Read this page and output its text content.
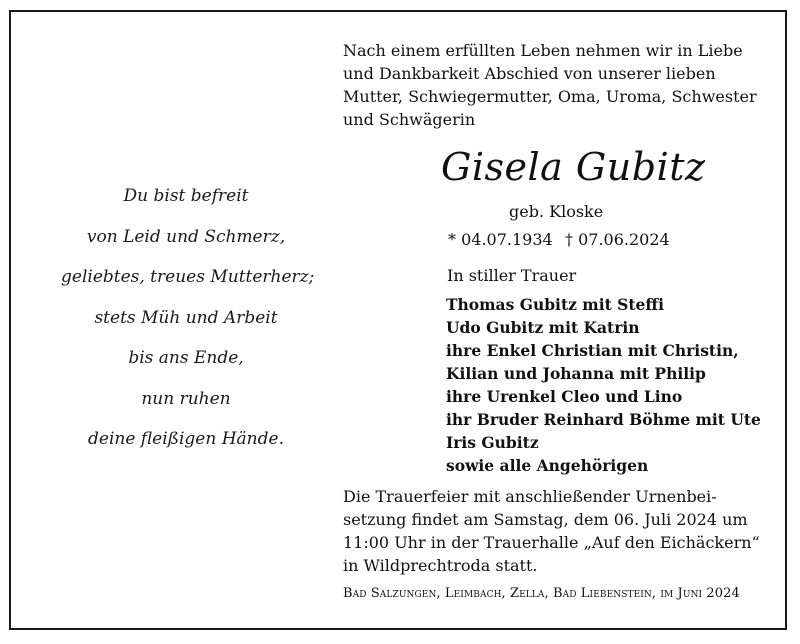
Du bist befreit
von Leid und Schmerz,
geliebtes, treues Mutterherz;
stets Müh und Arbeit
bis ans Ende,
nun ruhen
deine fleißigen Hände.
Nach einem erfüllten Leben nehmen wir in Liebe
und Dankbarkeit Abschied von unserer lieben
Mutter, Schwiegermutter, Oma, Uroma, Schwester
und Schwägerin
Gisela Gubitz
geb. Kloske
* 04.07.1934 † 07.06.2024
In stiller Trauer
Thomas Gubitz mit Steffi
Udo Gubitz mit Katrin
ihre Enkel Christian mit Christin,
Kilian und Johanna mit Philip
ihre Urenkel Cleo und Lino
ihr Bruder Reinhard Böhme mit Ute
Iris Gubitz
sowie alle Angehörigen
Die Trauerfeier mit anschließender Urnenbei-
setzung findet am Samstag, dem 06. Juli 2024 um
11:00 Uhr in der Trauerhalle „Auf den Eichäckern“
in Wildprechtroda statt.
Bad Salzungen, Leimbach, Zella, Bad Liebenstein, im Juni 2024
